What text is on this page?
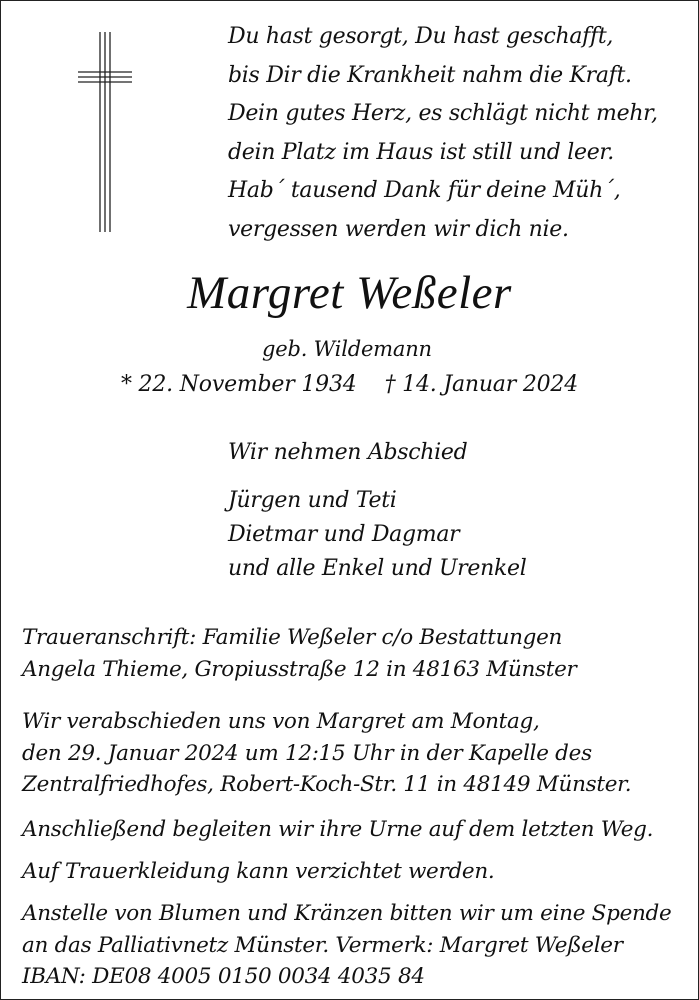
Du hast gesorgt, Du hast geschafft,
bis Dir die Krankheit nahm die Kraft.
Dein gutes Herz, es schlägt nicht mehr,
dein Platz im Haus ist still und leer.
Hab´ tausend Dank für deine Müh´,
vergessen werden wir dich nie.
Margret Weßeler
geb. Wildemann
* 22. November 1934 † 14. Januar 2024
Wir nehmen Abschied
Jürgen und Teti
Dietmar und Dagmar
und alle Enkel und Urenkel
Traueranschrift: Familie Weßeler c/o Bestattungen
Angela Thieme, Gropiusstraße 12 in 48163 Münster
Wir verabschieden uns von Margret am Montag,
den 29. Januar 2024 um 12:15 Uhr in der Kapelle des
Zentralfriedhofes, Robert-Koch-Str. 11 in 48149 Münster.
Anschließend begleiten wir ihre Urne auf dem letzten Weg.
Auf Trauerkleidung kann verzichtet werden.
Anstelle von Blumen und Kränzen bitten wir um eine Spende
an das Palliativnetz Münster. Vermerk: Margret Weßeler
IBAN: DE08 4005 0150 0034 4035 84
